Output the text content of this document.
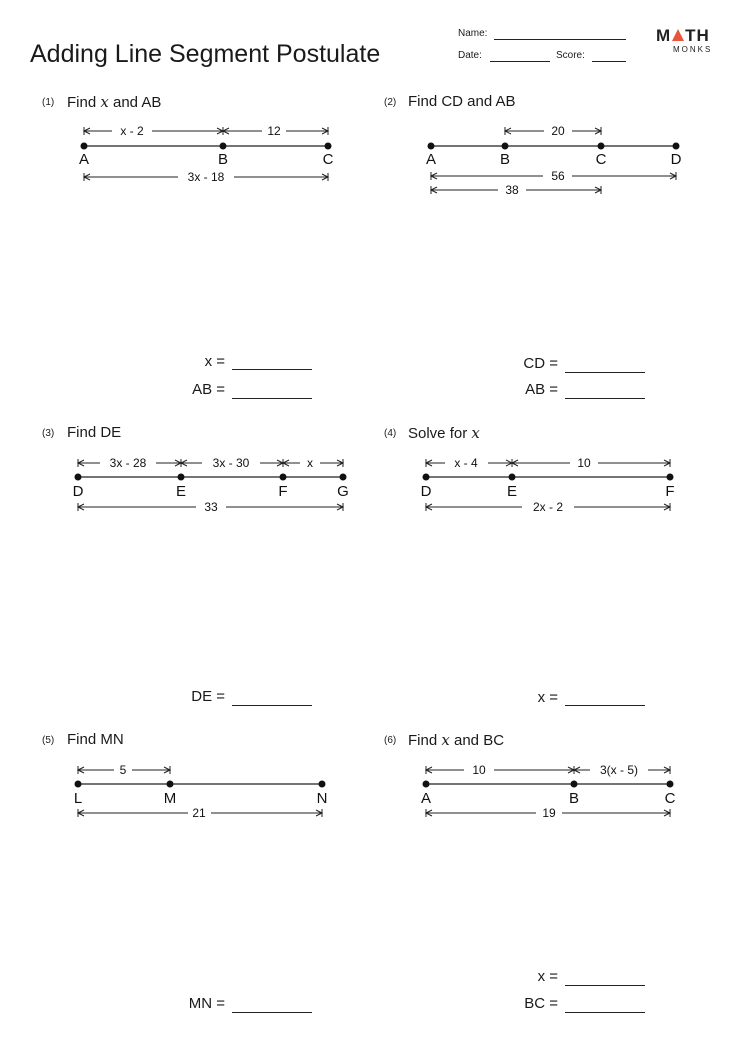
Adding Line Segment Postulate
Name:
Date:	Score:
M TH
MONKS
(1) Find x and AB
A	B	C
x - 2	12
3x - 18
x =
AB =
(2) Find CD and AB
A	B	C	D
20
56
38
CD =
AB =
(3) Find DE
D	E	F	G
3x - 28	3x - 30	x
33
DE =
(4) Solve for x
D	E	F
x - 4	10
2x - 2
x =
(5) Find MN
L	M	N
5
21
MN =
(6) Find x and BC
A	B	C
10	3(x - 5)
19
x =
BC =
